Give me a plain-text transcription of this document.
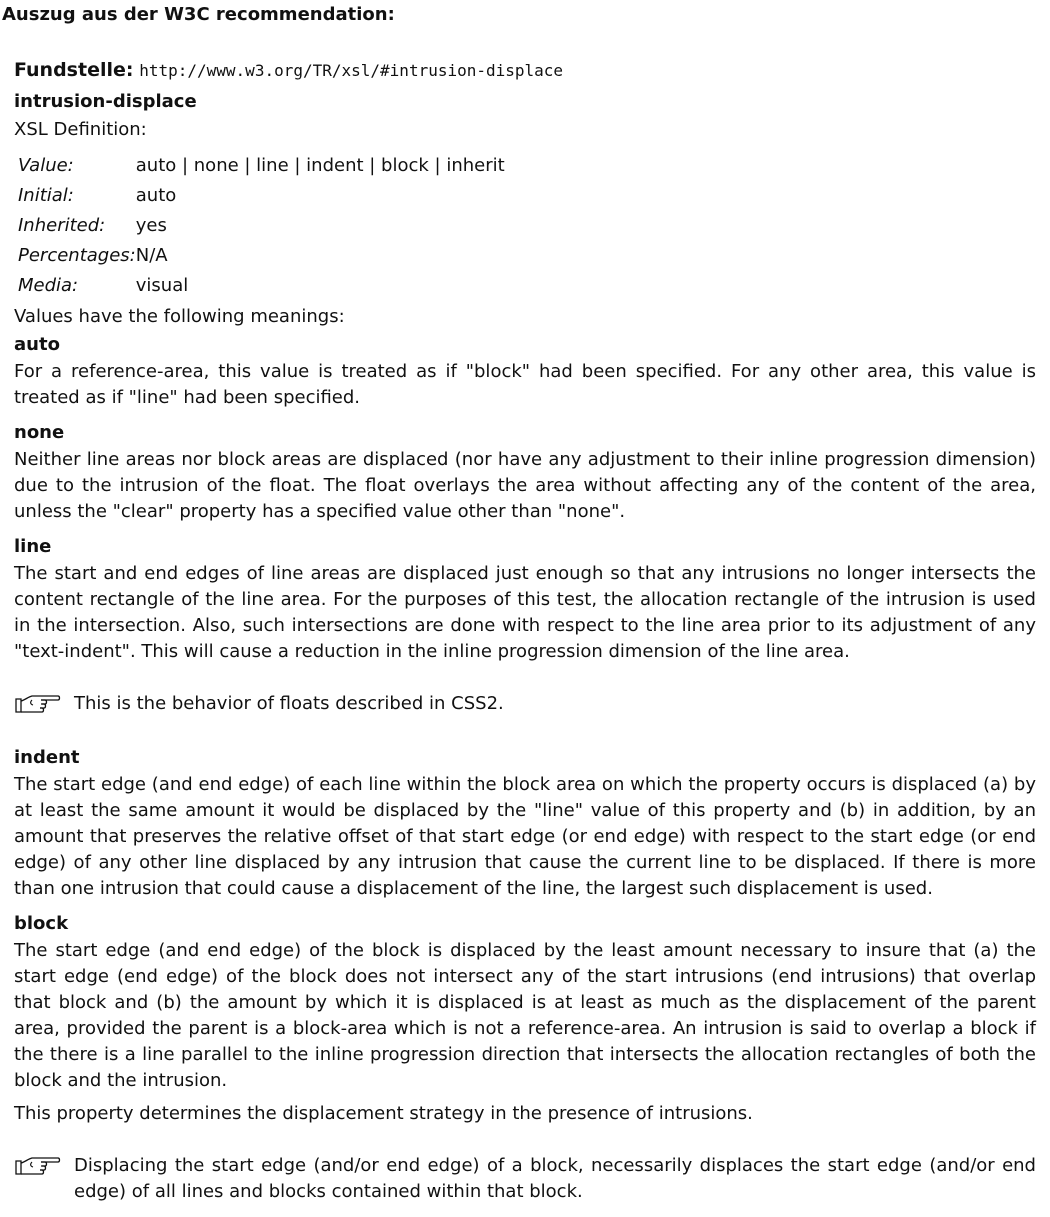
Auszug aus der W3C recommendation:

Fundstelle: http://www.w3.org/TR/xsl/#intrusion-displace

intrusion-displace
XSL Definition:
Value:	auto | none | line | indent | block | inherit
Initial:	auto
Inherited:	yes
Percentages:	N/A
Media:	visual
Values have the following meanings:
auto

For a reference-area, this value is treated as if "block" had been specified. For any other area, this value is treated as if "line" had been specified.

none

Neither line areas nor block areas are displaced (nor have any adjustment to their inline progression dimension) due to the intrusion of the float. The float overlays the area without affecting any of the content of the area, unless the "clear" property has a specified value other than "none".

line

The start and end edges of line areas are displaced just enough so that any intrusions no longer intersects the content rectangle of the line area. For the purposes of this test, the allocation rectangle of the intrusion is used in the intersection. Also, such intersections are done with respect to the line area prior to its adjustment of any "text-indent". This will cause a reduction in the inline progression dimension of the line area.

This is the behavior of floats described in CSS2.
indent

The start edge (and end edge) of each line within the block area on which the property occurs is displaced (a) by at least the same amount it would be displaced by the "line" value of this property and (b) in addition, by an amount that preserves the relative offset of that start edge (or end edge) with respect to the start edge (or end edge) of any other line displaced by any intrusion that cause the current line to be displaced. If there is more than one intrusion that could cause a displacement of the line, the largest such displacement is used.

block

The start edge (and end edge) of the block is displaced by the least amount necessary to insure that (a) the start edge (end edge) of the block does not intersect any of the start intrusions (end intrusions) that overlap that block and (b) the amount by which it is displaced is at least as much as the displacement of the parent area, provided the parent is a block-area which is not a reference-area. An intrusion is said to overlap a block if the there is a line parallel to the inline progression direction that intersects the allocation rectangles of both the block and the intrusion.

This property determines the displacement strategy in the presence of intrusions.

Displacing the start edge (and/or end edge) of a block, necessarily displaces the start edge (and/or end edge) of all lines and blocks contained within that block.
